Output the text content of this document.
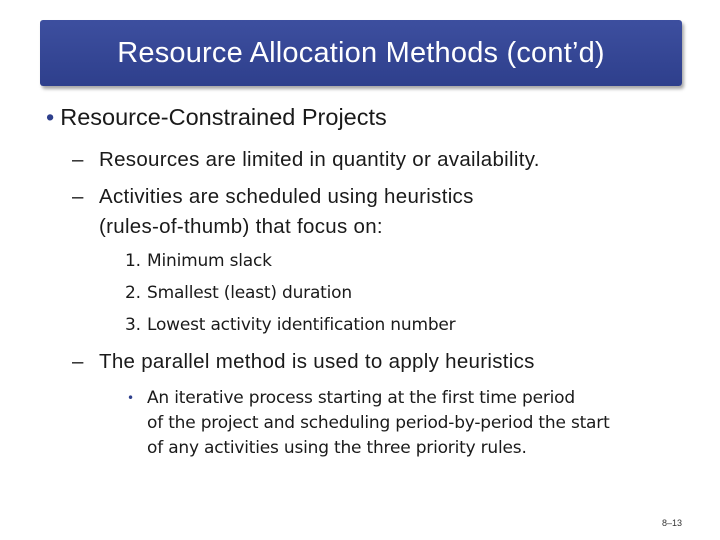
Resource Allocation Methods (cont’d)
• Resource-Constrained Projects
– Resources are limited in quantity or availability.
– Activities are scheduled using heuristics
(rules-of-thumb) that focus on:
1. Minimum slack
2. Smallest (least) duration
3. Lowest activity identification number
– The parallel method is used to apply heuristics
• An iterative process starting at the first time period
of the project and scheduling period-by-period the start
of any activities using the three priority rules.
8–13
